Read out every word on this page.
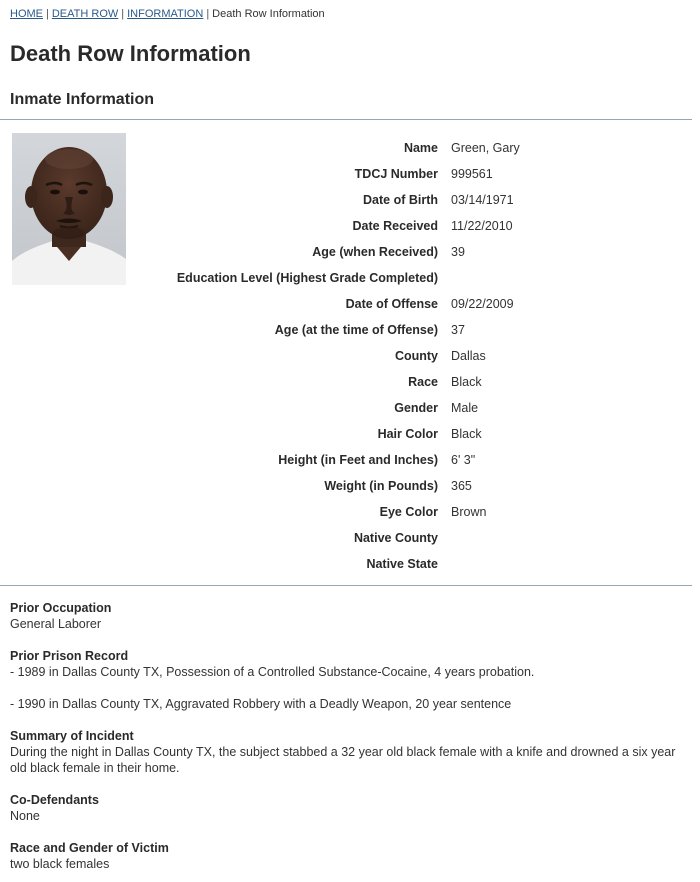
HOME | DEATH ROW | INFORMATION | Death Row Information
Death Row Information
Inmate Information
Name	Green, Gary
TDCJ Number	999561
Date of Birth	03/14/1971
Date Received	11/22/2010
Age (when Received)	39
Education Level (Highest Grade Completed)	
Date of Offense	09/22/2009
Age (at the time of Offense)	37
County	Dallas
Race	Black
Gender	Male
Hair Color	Black
Height (in Feet and Inches)	6' 3"
Weight (in Pounds)	365
Eye Color	Brown
Native County	
Native State	
Prior Occupation
General Laborer
Prior Prison Record
- 1989 in Dallas County TX, Possession of a Controlled Substance-Cocaine, 4 years probation.
- 1990 in Dallas County TX, Aggravated Robbery with a Deadly Weapon, 20 year sentence
Summary of Incident
During the night in Dallas County TX, the subject stabbed a 32 year old black female with a knife and drowned a six year old black female in their home.
Co-Defendants
None
Race and Gender of Victim
two black females
